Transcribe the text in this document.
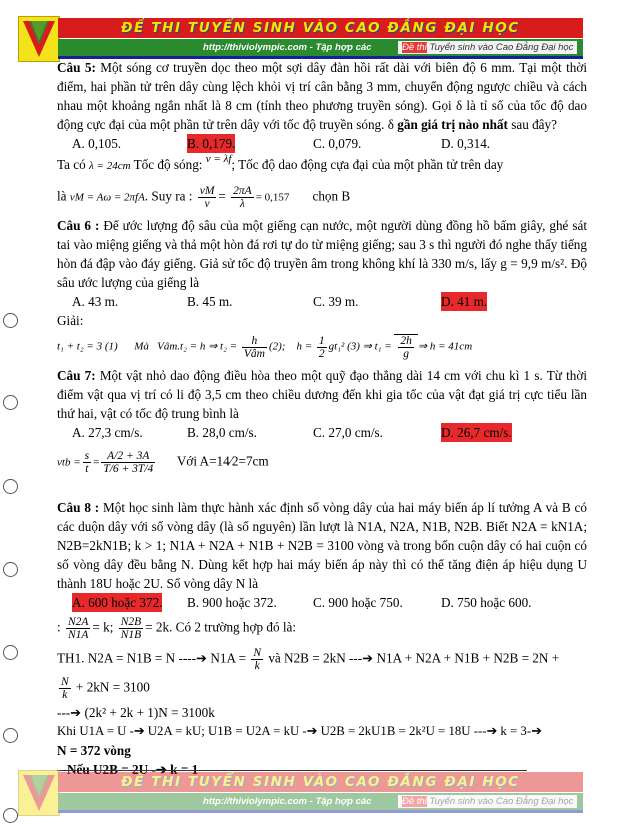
ĐỀ THI TUYỂN SINH VÀO CAO ĐẲNG ĐẠI HỌC
http://thiviolympic.com - Tập hợp các	Đề thi Tuyển sinh vào Cao Đẳng Đại học

Câu 5: Một sóng cơ truyền dọc theo một sợi dây đàn hồi rất dài với biên độ 6 mm. Tại một thời điểm, hai phần tử trên dây cùng lệch khỏi vị trí cân bằng 3 mm, chuyển động ngược chiều và cách nhau một khoảng ngắn nhất là 8 cm (tính theo phương truyền sóng). Gọi δ là tỉ số của tốc độ dao động cực đại của một phần tử trên dây với tốc độ truyền sóng. δ gần giá trị nào nhất sau đây?

A. 0,105.	B. 0,179.	C. 0,079.	D. 0,314.

Ta có λ = 24cm Tốc độ sóng: $^{v = \lambda f}$; Tốc độ dao động cựa đại của một phần tử trên day

là vM = Aω = 2πfA. Suy ra : $\frac{vM}{v} = \frac{2\pi A}{\lambda} = 0,157$ chọn B

Câu 6 : Để ước lượng độ sâu của một giếng cạn nước, một người dùng đồng hồ bấm giây, ghé sát tai vào miệng giếng và thả một hòn đá rơi tự do từ miệng giếng; sau 3 s thì người đó nghe thấy tiếng hòn đá đập vào đáy giếng. Giả sử tốc độ truyền âm trong không khí là 330 m/s, lấy g = 9,9 m/s². Độ sâu ước lượng của giếng là

A. 43 m.	B. 45 m.	C. 39 m.	D. 41 m.

Giải:

t₁ + t₂ = 3 (1) Mà Vâm.t₂ = h ⇒ $t_2 = \frac{h}{\text{Vâm}} (2)$; $h = \frac{1}{2} gt_1^2$ (3) ⇒ $t_1 = \frac{2h}{g}$ ⇒ h = 41cm

Câu 7: Một vật nhỏ dao động điều hòa theo một quỹ đạo thẳng dài 14 cm với chu kì 1 s. Từ thời điểm vật qua vị trí có li độ 3,5 cm theo chiều dương đến khi gia tốc của vật đạt giá trị cực tiểu lần thứ hai, vật có tốc độ trung bình là

A. 27,3 cm/s.	B. 28,0 cm/s.	C. 27,0 cm/s.	D. 26,7 cm/s.

vtb = $\frac{s}{t} = \frac{A/2 + 3A}{T/6 + 3T/4}$ Với A=14⁄2=7cm

Câu 8 : Một học sinh làm thực hành xác định số vòng dây của hai máy biến áp lí tưởng A và B có các duộn dây với số vòng dây (là số nguyên) lần lượt là N1A, N2A, N1B, N2B. Biết N2A = kN1A; N2B=2kN1B; k > 1; N1A + N2A + N1B + N2B = 3100 vòng và trong bốn cuộn dây có hai cuộn có số vòng dây đều bằng N. Dùng kết hợp hai máy biến áp này thì có thể tăng điện áp hiệu dụng U thành 18U hoặc 2U. Số vòng dây N là

A. 600 hoặc 372.	B. 900 hoặc 372.	C. 900 hoặc 750.	D. 750 hoặc 600.

: $\frac{N2A}{N1A} = k$; $\frac{N2B}{N1B} = 2k$. Có 2 trường hợp đó là:

TH1. N2A = N1B = N ----➔ $N1A = \frac{N}{k}$ và N2B = 2kN ---➔ N1A + N2A + N1B + N2B = 2N +

$\frac{N}{k} + 2kN = 3100$

---➔ (2k² + 2k + 1)N = 3100k

Khi U1A = U -➔ U2A = kU; U1B = U2A = kU -➔ U2B = 2kU1B = 2k²U = 18U ---➔ k = 3-➔

N = 372 vòng

ĐỀ THI TUYỂN SINH VÀO CAO ĐẲNG ĐẠI HỌC
http://thiviolympic.com - Tập hợp các	Đề thi Tuyển sinh vào Cao Đẳng Đại học
